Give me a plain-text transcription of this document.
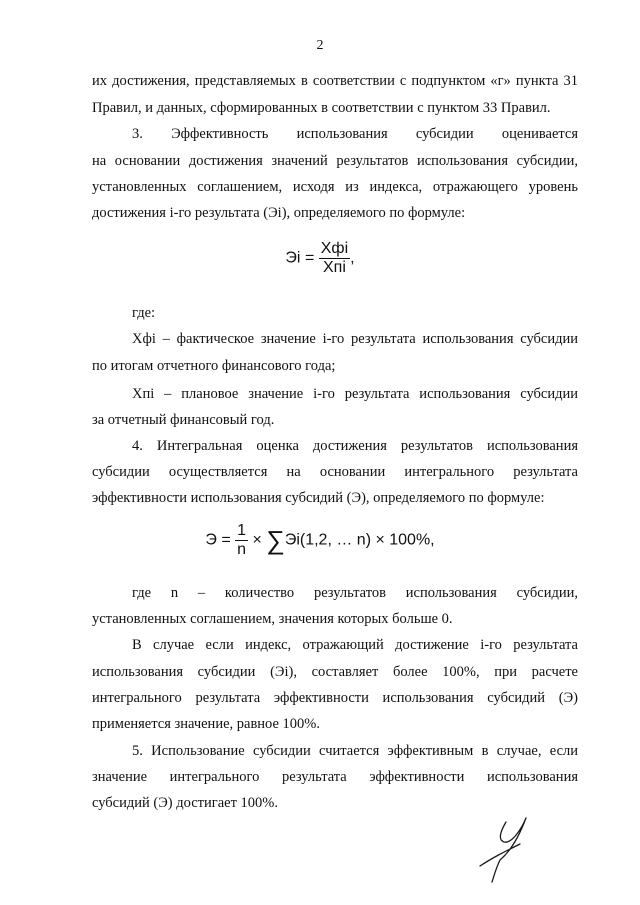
2
их достижения, представляемых в соответствии с подпунктом «г» пункта 31
Правил, и данных, сформированных в соответствии с пунктом 33 Правил.
3. Эффективность использования субсидии оценивается
на основании достижения значений результатов использования субсидии,
установленных соглашением, исходя из индекса, отражающего уровень
достижения i-го результата (Эi), определяемого по формуле:
Эi = $\frac{\text{Хфi}}{\text{Хпi}}$ ,
где:
Хфi – фактическое значение i-го результата использования субсидии
по итогам отчетного финансового года;
Хпi – плановое значение i-го результата использования субсидии
за отчетный финансовый год.
4. Интегральная оценка достижения результатов использования
субсидии осуществляется на основании интегрального результата
эффективности использования субсидий (Э), определяемого по формуле:
$Э = \frac{1}{n} \times \sum Эi(1,2$, … n) × 100%,
где n – количество результатов использования субсидии,
установленных соглашением, значения которых больше 0.
В случае если индекс, отражающий достижение i-го результата
использования субсидии (Эi), составляет более 100%, при расчете
интегрального результата эффективности использования субсидий (Э)
применяется значение, равное 100%.
5. Использование субсидии считается эффективным в случае, если
значение интегрального результата эффективности использования
субсидий (Э) достигает 100%.
